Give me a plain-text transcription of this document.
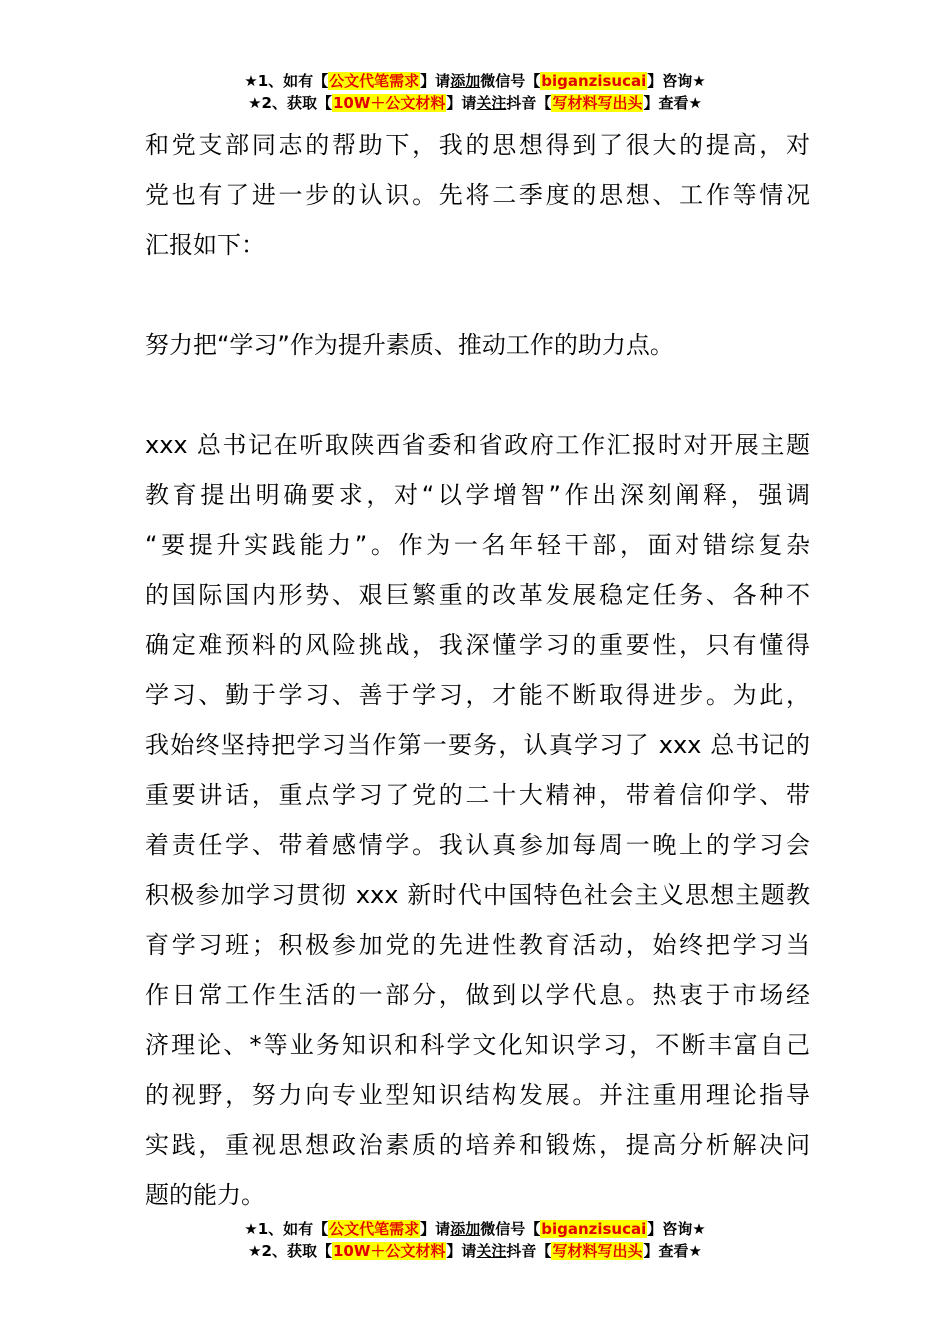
★1、如有【公文代笔需求】请添加微信号【biganzisucai】咨询★
★2、获取【10W＋公文材料】请关注抖音【写材料写出头】查看★
和党支部同志的帮助下，我的思想得到了很大的提高，对
党也有了进一步的认识。先将二季度的思想、工作等情况
汇报如下：
努力把“学习”作为提升素质、推动工作的助力点。
xxx 总书记在听取陕西省委和省政府工作汇报时对开展主题
教育提出明确要求，对“以学增智”作出深刻阐释，强调
“要提升实践能力”。作为一名年轻干部，面对错综复杂
的国际国内形势、艰巨繁重的改革发展稳定任务、各种不
确定难预料的风险挑战，我深懂学习的重要性，只有懂得
学习、勤于学习、善于学习，才能不断取得进步。为此，
我始终坚持把学习当作第一要务，认真学习了 xxx 总书记的
重要讲话，重点学习了党的二十大精神，带着信仰学、带
着责任学、带着感情学。我认真参加每周一晚上的学习会
积极参加学习贯彻 xxx 新时代中国特色社会主义思想主题教
育学习班；积极参加党的先进性教育活动，始终把学习当
作日常工作生活的一部分，做到以学代息。热衷于市场经
济理论、*等业务知识和科学文化知识学习，不断丰富自己
的视野，努力向专业型知识结构发展。并注重用理论指导
实践，重视思想政治素质的培养和锻炼，提高分析解决问
题的能力。
★1、如有【公文代笔需求】请添加微信号【biganzisucai】咨询★
★2、获取【10W＋公文材料】请关注抖音【写材料写出头】查看★
